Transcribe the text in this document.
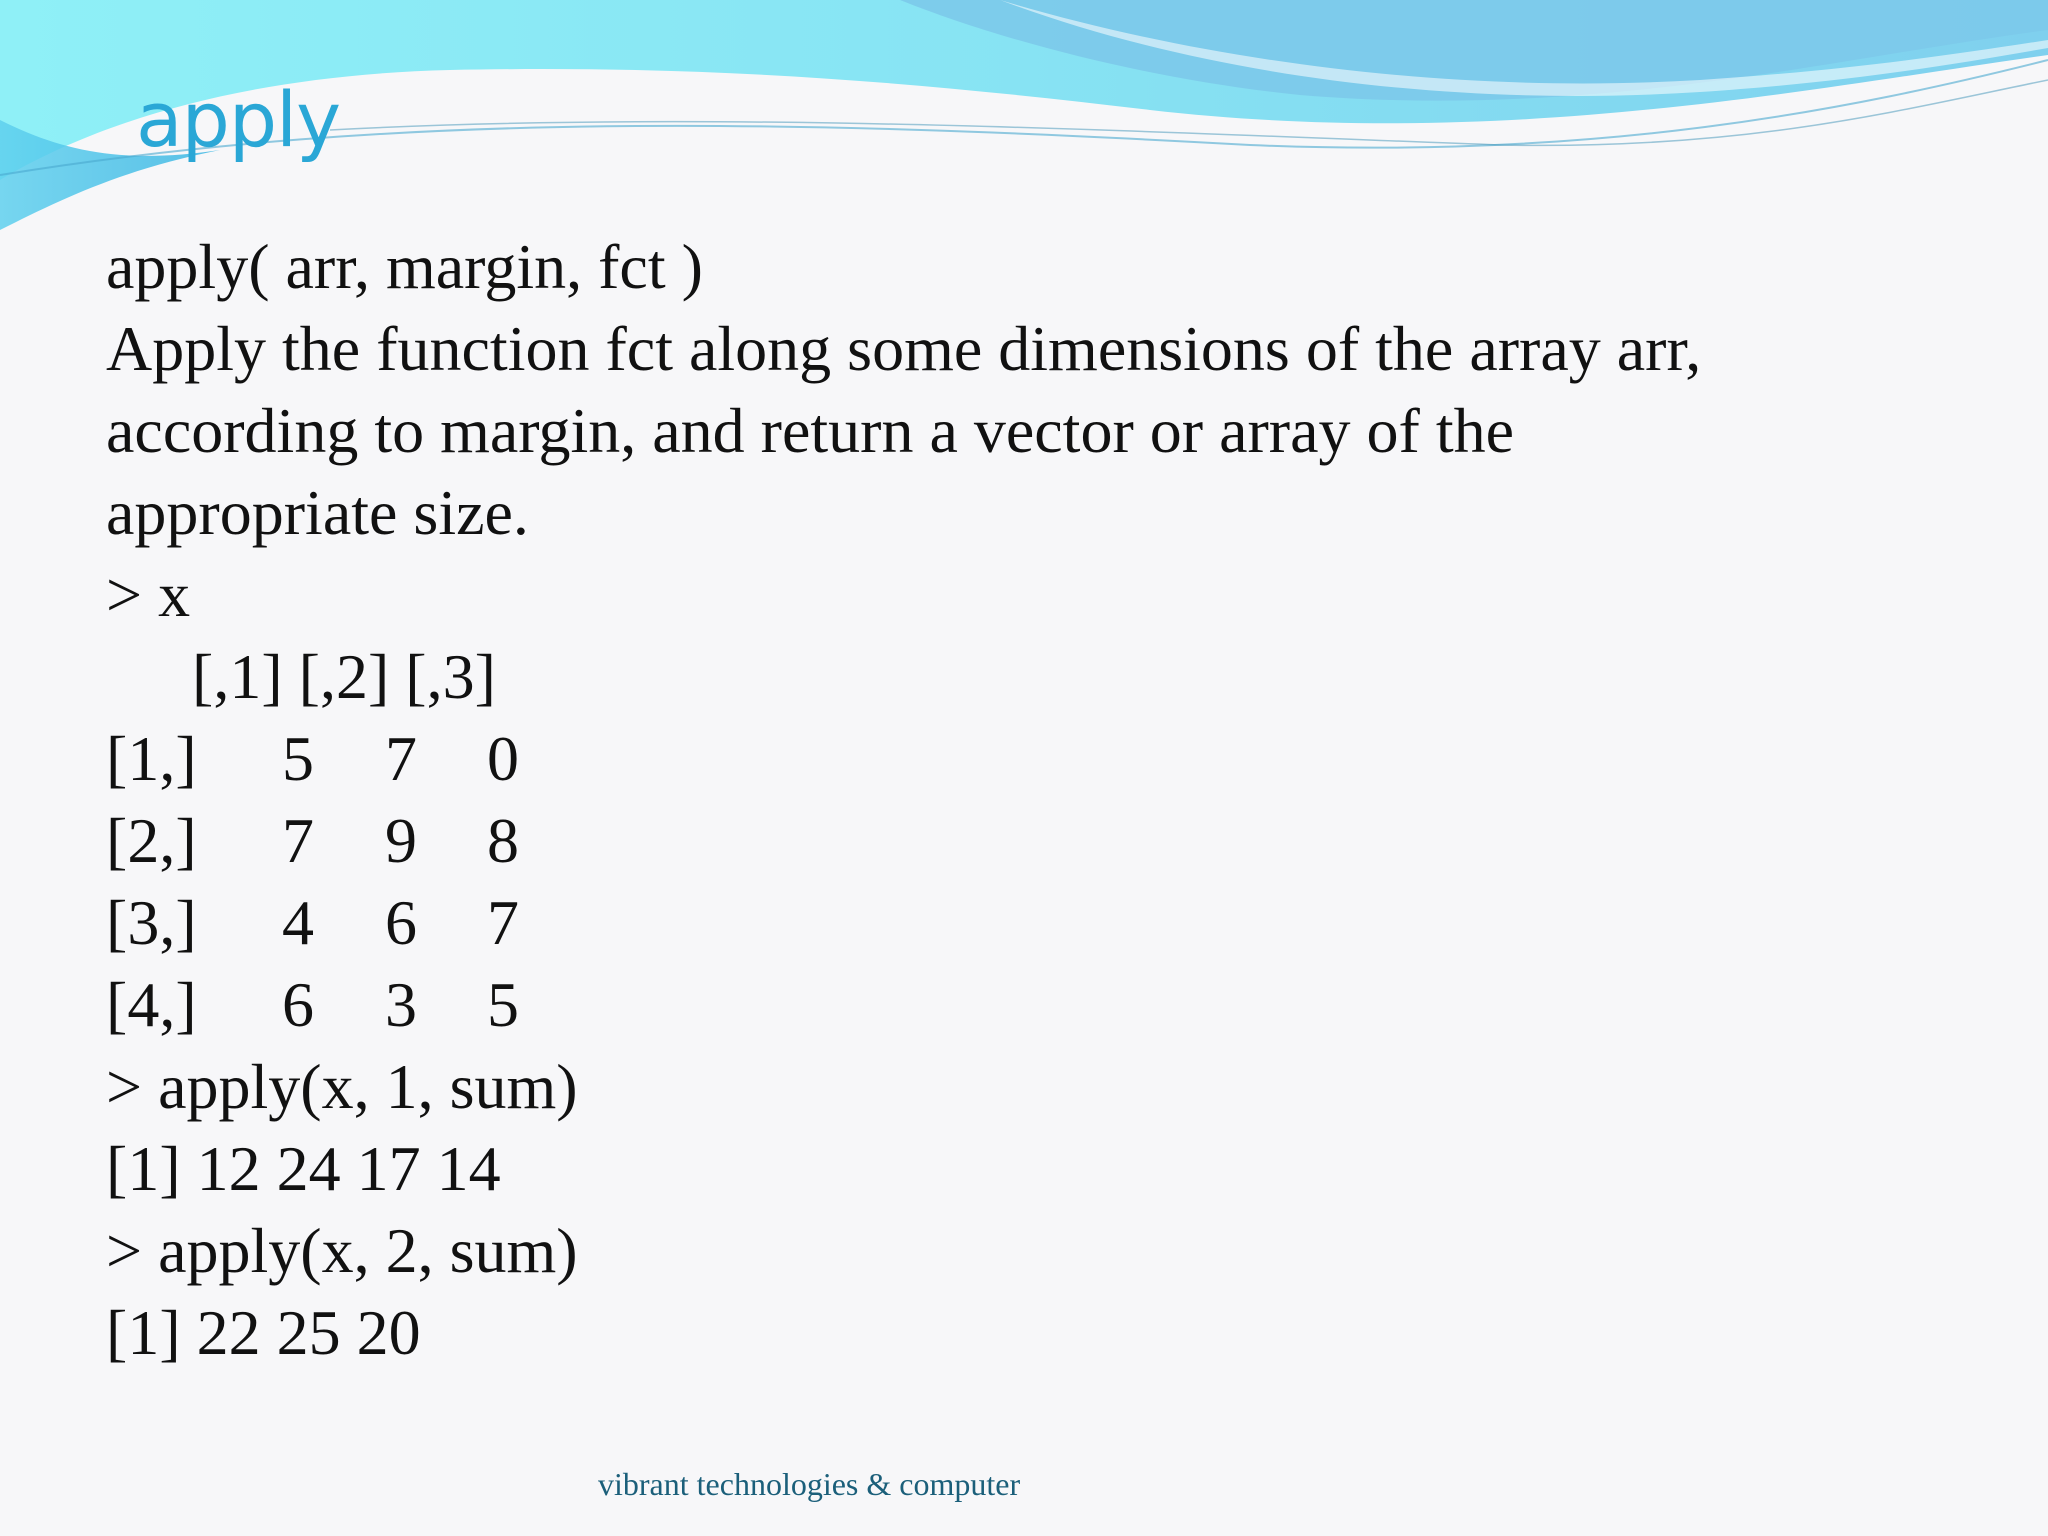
apply
apply( arr, margin, fct )
Apply the function fct along some dimensions of the array arr,
according to margin, and return a vector or array of the
appropriate size.
> x
[,1] [,2] [,3]
[1,] 5 7 0
[2,] 7 9 8
[3,] 4 6 7
[4,] 6 3 5
> apply(x, 1, sum)
[1] 12 24 17 14
> apply(x, 2, sum)
[1] 22 25 20
vibrant technologies & computer
